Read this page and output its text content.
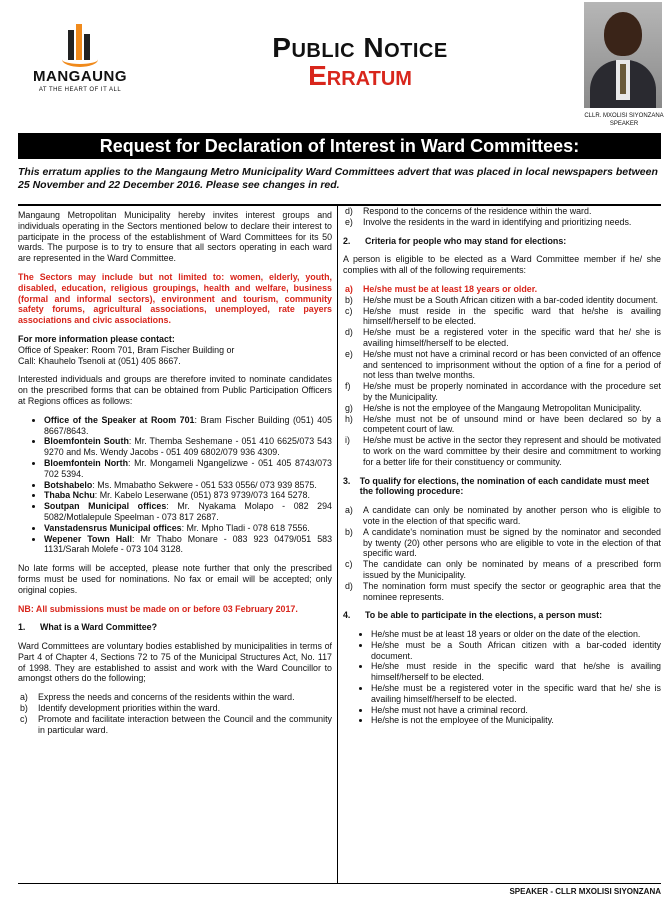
MANGAUNG
AT THE HEART OF IT ALL
Public Notice
Erratum
CLLR. MXOLISI SIYONZANA
SPEAKER
Request for Declaration of Interest in Ward Committees:
This erratum applies to the Mangaung Metro Municipality Ward Committees advert that was placed in local newspapers between 25 November and 22 December 2016. Please see changes in red.

Mangaung Metropolitan Municipality hereby invites interest groups and individuals operating in the Sectors mentioned below to declare their interest to participate in the process of the establishment of Ward Committees for its 50 wards. The purpose is to try to ensure that all sectors operating in each ward are represented in the Ward Committee.

The Sectors may include but not limited to: women, elderly, youth, disabled, education, religious groupings, health and welfare, business (formal and informal sectors), environment and tourism, community safety forums, agricultural associations, unemployed, rate payers associations and civic associations.

For more information please contact:
Office of Speaker: Room 701, Bram Fischer Building or
Call: Khauhelo Tsenoli at (051) 405 8667.

Interested individuals and groups are therefore invited to nominate candidates on the prescribed forms that can be obtained from Public Participation Officers at Regions offices as follows:

• Office of the Speaker at Room 701: Bram Fischer Building (051) 405 8667/8643.
• Bloemfontein South: Mr. Themba Seshemane - 051 410 6625/073 543 9270 and Ms. Wendy Jacobs - 051 409 6802/079 936 4309.
• Bloemfontein North: Mr. Mongameli Ngangelizwe - 051 405 8743/073 702 5394.
• Botshabelo: Ms. Mmabatho Sekwere - 051 533 0556/ 073 939 8575.
• Thaba Nchu: Mr. Kabelo Leserwane (051) 873 9739/073 164 5278.
• Soutpan Municipal offices: Mr. Nyakama Molapo - 082 294 5082/Motlalepule Speelman - 073 817 2687.
• Vanstadensrus Municipal offices: Mr. Mpho Tladi - 078 618 7556.
• Wepener Town Hall: Mr Thabo Monare - 083 923 0479/051 583 1131/Sarah Molefe - 073 104 3128.

No late forms will be accepted, please note further that only the prescribed forms must be used for nominations. No fax or email will be accepted; only original copies.

NB: All submissions must be made on or before 03 February 2017.

1. What is a Ward Committee?

Ward Committees are voluntary bodies established by municipalities in terms of Part 4 of Chapter 4, Sections 72 to 75 of the Municipal Structures Act, No. 117 of 1998. They are established to assist and work with the Ward Councillor to amongst others do the following;

a) Express the needs and concerns of the residents within the ward.
b) Identify development priorities within the ward.
c) Promote and facilitate interaction between the Council and the community in particular ward.
d) Respond to the concerns of the residence within the ward.
e) Involve the residents in the ward in identifying and prioritizing needs.
2. Criteria for people who may stand for elections:

A person is eligible to be elected as a Ward Committee member if he/ she complies with all of the following requirements:

a) He/she must be at least 18 years or older.
b) He/she must be a South African citizen with a bar-coded identity document.
c) He/she must reside in the specific ward that he/she is availing himself/herself to be elected.
d) He/she must be a registered voter in the specific ward that he/ she is availing himself/herself to be elected.
e) He/she must not have a criminal record or has been convicted of an offence and sentenced to imprisonment without the option of a fine for a period of not less than twelve months.
f) He/she must be properly nominated in accordance with the procedure set by the Municipality.
g) He/she is not the employee of the Mangaung Metropolitan Municipality.
h) He/she must not be of unsound mind or have been declared so by a competent court of law.
i) He/she must be active in the sector they represent and should be motivated to work on the ward committee by their desire and commitment to working for a better life for their constituency or community.
3.	To qualify for elections, the nomination of each candidate must meet the following procedure:
a) A candidate can only be nominated by another person who is eligible to vote in the election of that specific ward.
b) A candidate's nomination must be signed by the nominator and seconded by twenty (20) other persons who are eligible to vote in the election of that specific ward.
c) The candidate can only be nominated by means of a prescribed form issued by the Municipality.
d) The nomination form must specify the sector or geographic area that the nominee represents.
4. To be able to participate in the elections, a person must:
• He/she must be at least 18 years or older on the date of the election.
• He/she must be a South African citizen with a bar-coded identity document.
• He/she must reside in the specific ward that he/she is availing himself/herself to be elected.
• He/she must be a registered voter in the specific ward that he/ she is availing himself/herself to be elected.
• He/she must not have a criminal record.
• He/she is not the employee of the Municipality.
SPEAKER - CLLR MXOLISI SIYONZANA
